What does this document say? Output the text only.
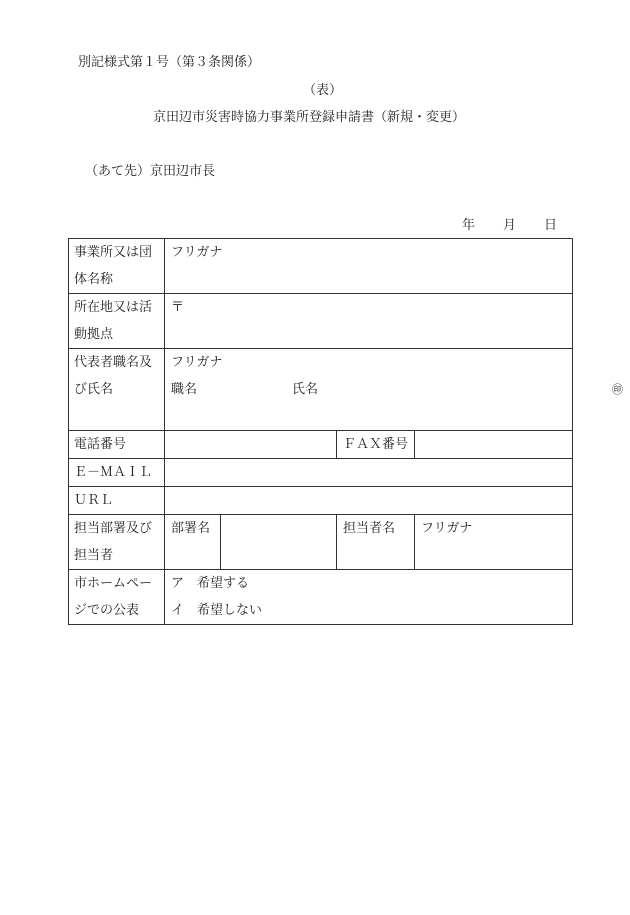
別記様式第１号（第３条関係）
（表）
京田辺市災害時協力事業所登録申請書（新規・変更）
（あて先）京田辺市長
年 月 日
事業所又は団
体名称	フリガナ			

所在地又は活
動拠点	〒			

代表者職名及
び氏名	フリガナ
職名 氏名 ㊞			

電話番号			ＦＡＸ番号	
Ｅ－ＭＡＩＬ				
ＵＲＬ				

担当部署及び
担当者	部署名		担当者名	フリガナ

市ホームペー
ジでの公表	ア　希望する
イ　希望しない			
